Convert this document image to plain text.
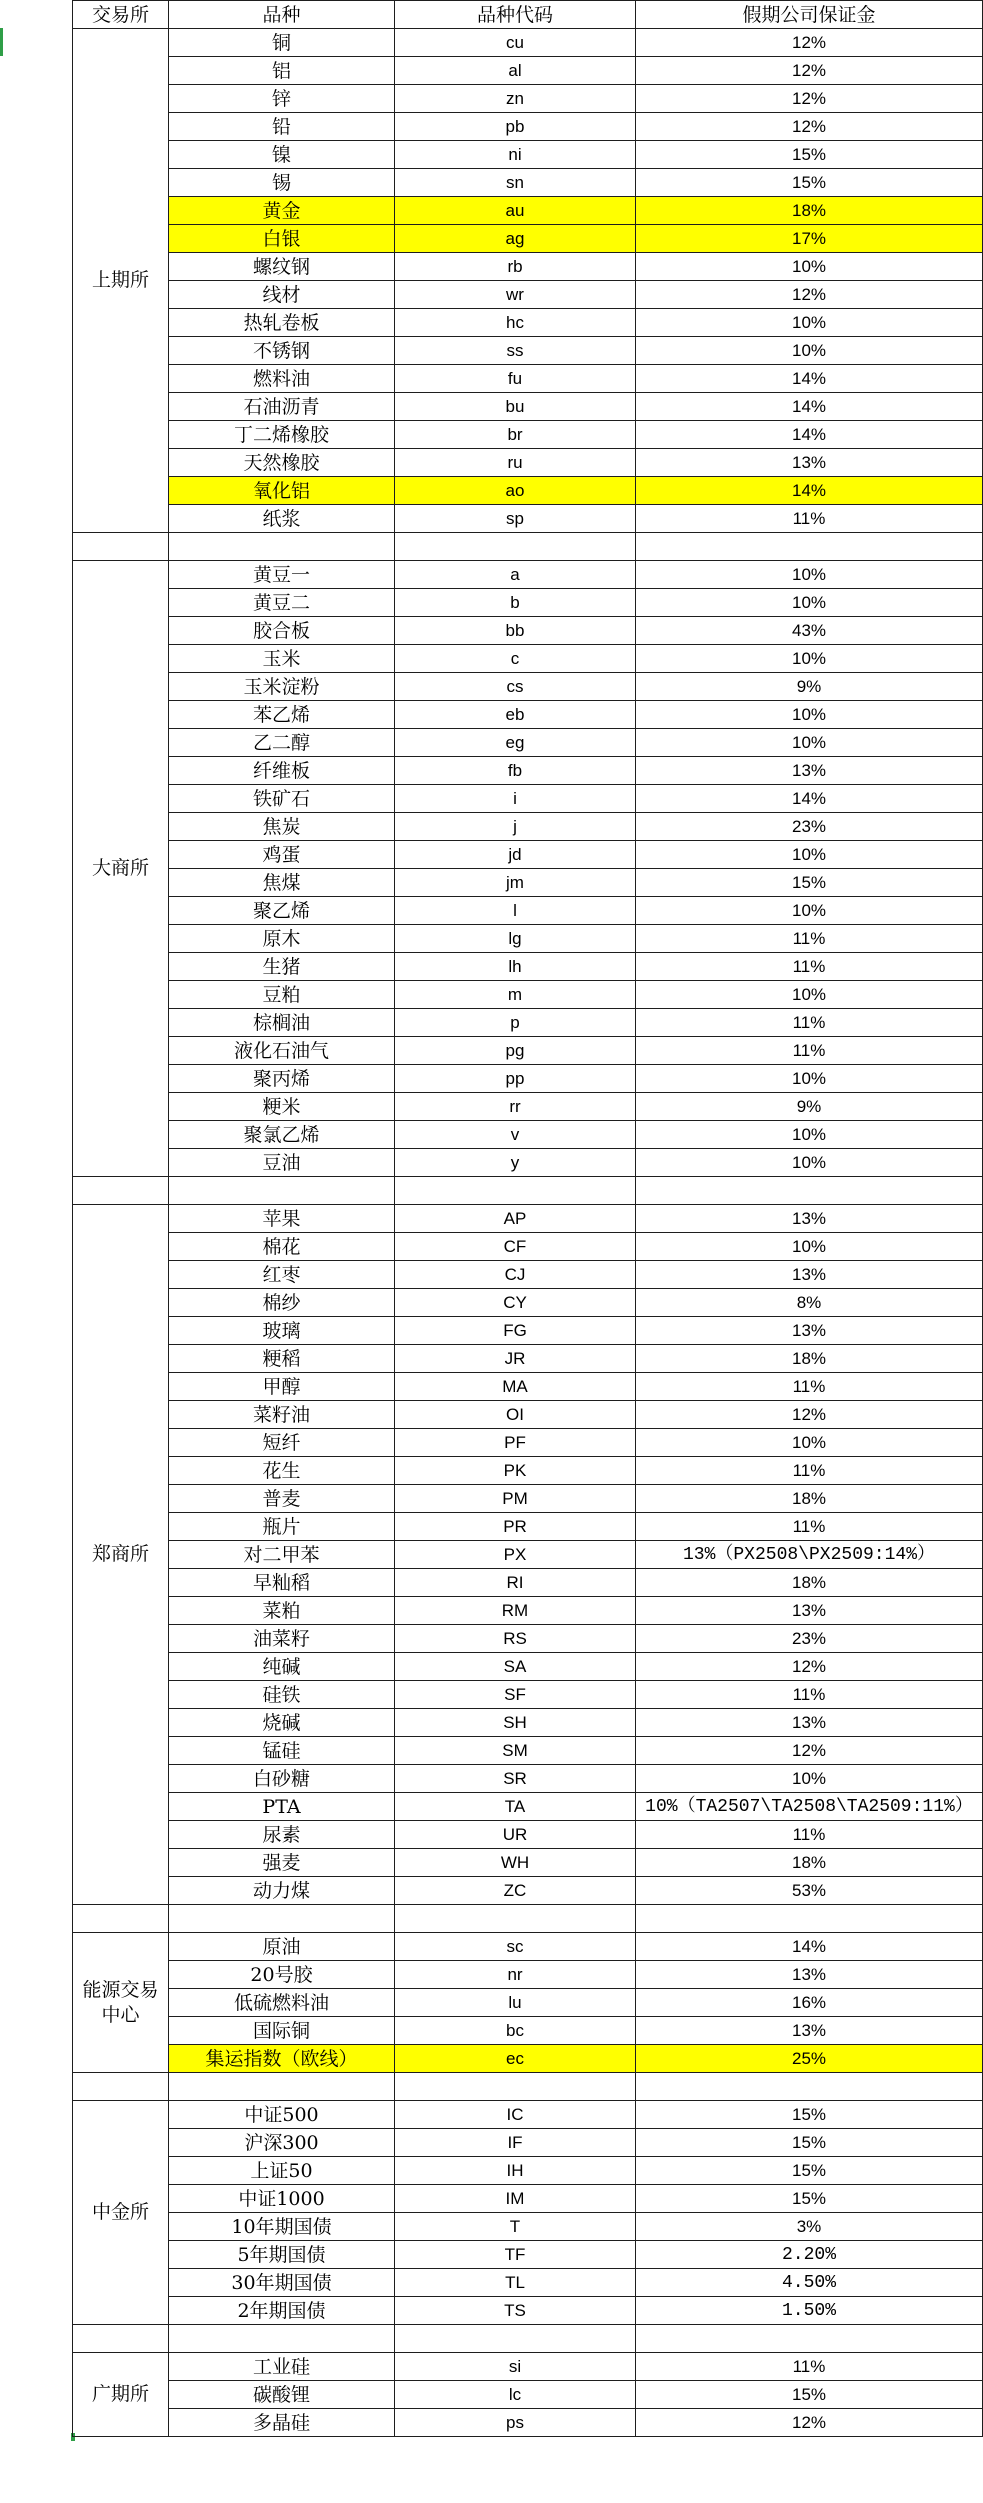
交易所	品种	品种代码	假期公司保证金
上期所	铜	cu	12%
	铝	al	12%
	锌	zn	12%
	铅	pb	12%
	镍	ni	15%
	锡	sn	15%
	黄金	au	18%
	白银	ag	17%
	螺纹钢	rb	10%
	线材	wr	12%
	热轧卷板	hc	10%
	不锈钢	ss	10%
	燃料油	fu	14%
	石油沥青	bu	14%
	丁二烯橡胶	br	14%
	天然橡胶	ru	13%
	氧化铝	ao	14%
	纸浆	sp	11%

大商所	黄豆一	a	10%
	黄豆二	b	10%
	胶合板	bb	43%
	玉米	c	10%
	玉米淀粉	cs	9%
	苯乙烯	eb	10%
	乙二醇	eg	10%
	纤维板	fb	13%
	铁矿石	i	14%
	焦炭	j	23%
	鸡蛋	jd	10%
	焦煤	jm	15%
	聚乙烯	l	10%
	原木	lg	11%
	生猪	lh	11%
	豆粕	m	10%
	棕榈油	p	11%
	液化石油气	pg	11%
	聚丙烯	pp	10%
	粳米	rr	9%
	聚氯乙烯	v	10%
	豆油	y	10%

郑商所	苹果	AP	13%
	棉花	CF	10%
	红枣	CJ	13%
	棉纱	CY	8%
	玻璃	FG	13%
	粳稻	JR	18%
	甲醇	MA	11%
	菜籽油	OI	12%
	短纤	PF	10%
	花生	PK	11%
	普麦	PM	18%
	瓶片	PR	11%
	对二甲苯	PX	13%（PX2508\PX2509:14%）
	早籼稻	RI	18%
	菜粕	RM	13%
	油菜籽	RS	23%
	纯碱	SA	12%
	硅铁	SF	11%
	烧碱	SH	13%
	锰硅	SM	12%
	白砂糖	SR	10%
	PTA	TA	10%（TA2507\TA2508\TA2509:11%）
	尿素	UR	11%
	强麦	WH	18%
	动力煤	ZC	53%

能源交易中心	原油	sc	14%
	20号胶	nr	13%
	低硫燃料油	lu	16%
	国际铜	bc	13%
	集运指数（欧线）	ec	25%

中金所	中证500	IC	15%
	沪深300	IF	15%
	上证50	IH	15%
	中证1000	IM	15%
	10年期国债	T	3%
	5年期国债	TF	2.20%
	30年期国债	TL	4.50%
	2年期国债	TS	1.50%

广期所	工业硅	si	11%
	碳酸锂	lc	15%
	多晶硅	ps	12%
